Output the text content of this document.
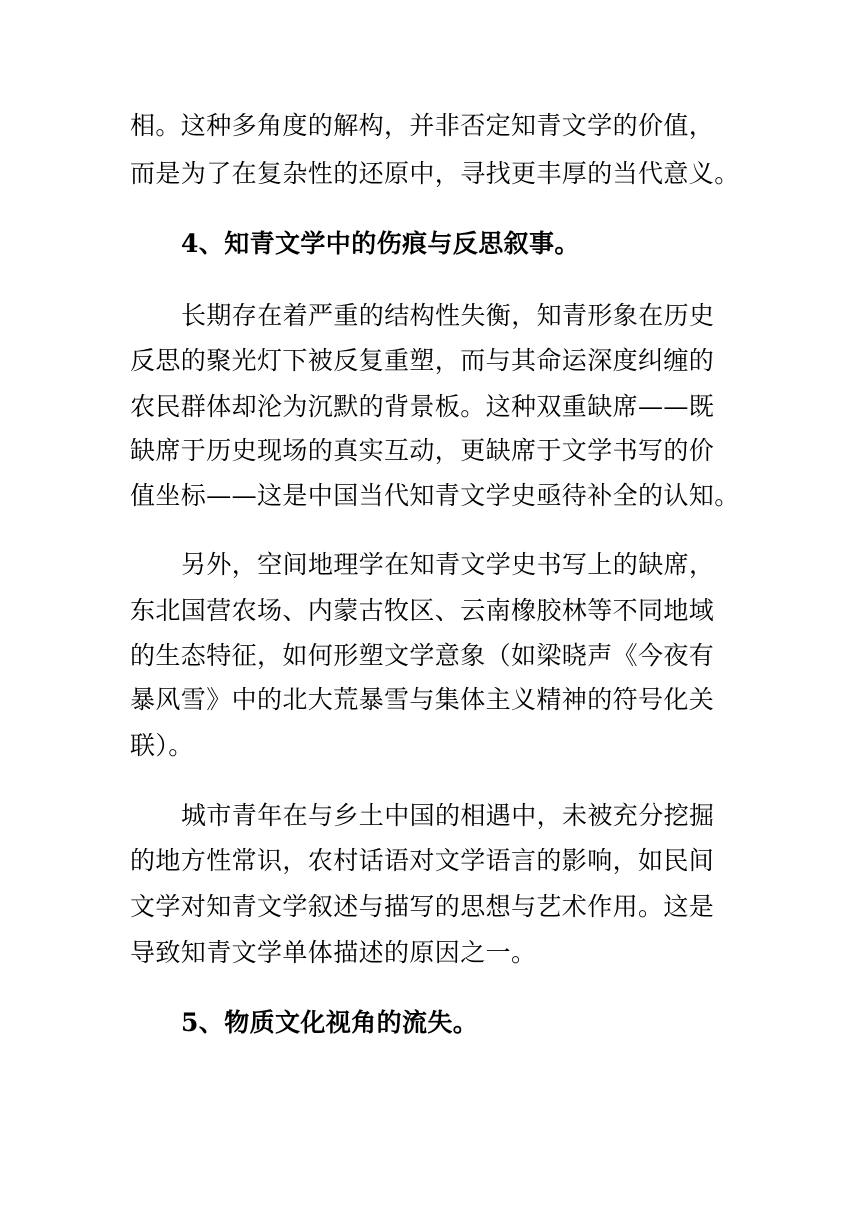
相。这种多角度的解构，并非否定知青文学的价值，
而是为了在复杂性的还原中，寻找更丰厚的当代意义。
4、知青文学中的伤痕与反思叙事。
长期存在着严重的结构性失衡，知青形象在历史
反思的聚光灯下被反复重塑，而与其命运深度纠缠的
农民群体却沦为沉默的背景板。这种双重缺席——既
缺席于历史现场的真实互动，更缺席于文学书写的价
值坐标——这是中国当代知青文学史亟待补全的认知。
另外，空间地理学在知青文学史书写上的缺席，
东北国营农场、内蒙古牧区、云南橡胶林等不同地域
的生态特征，如何形塑文学意象（如梁晓声《今夜有
暴风雪》中的北大荒暴雪与集体主义精神的符号化关
联）。
城市青年在与乡土中国的相遇中，未被充分挖掘
的地方性常识，农村话语对文学语言的影响，如民间
文学对知青文学叙述与描写的思想与艺术作用。这是
导致知青文学单体描述的原因之一。
5、物质文化视角的流失。
